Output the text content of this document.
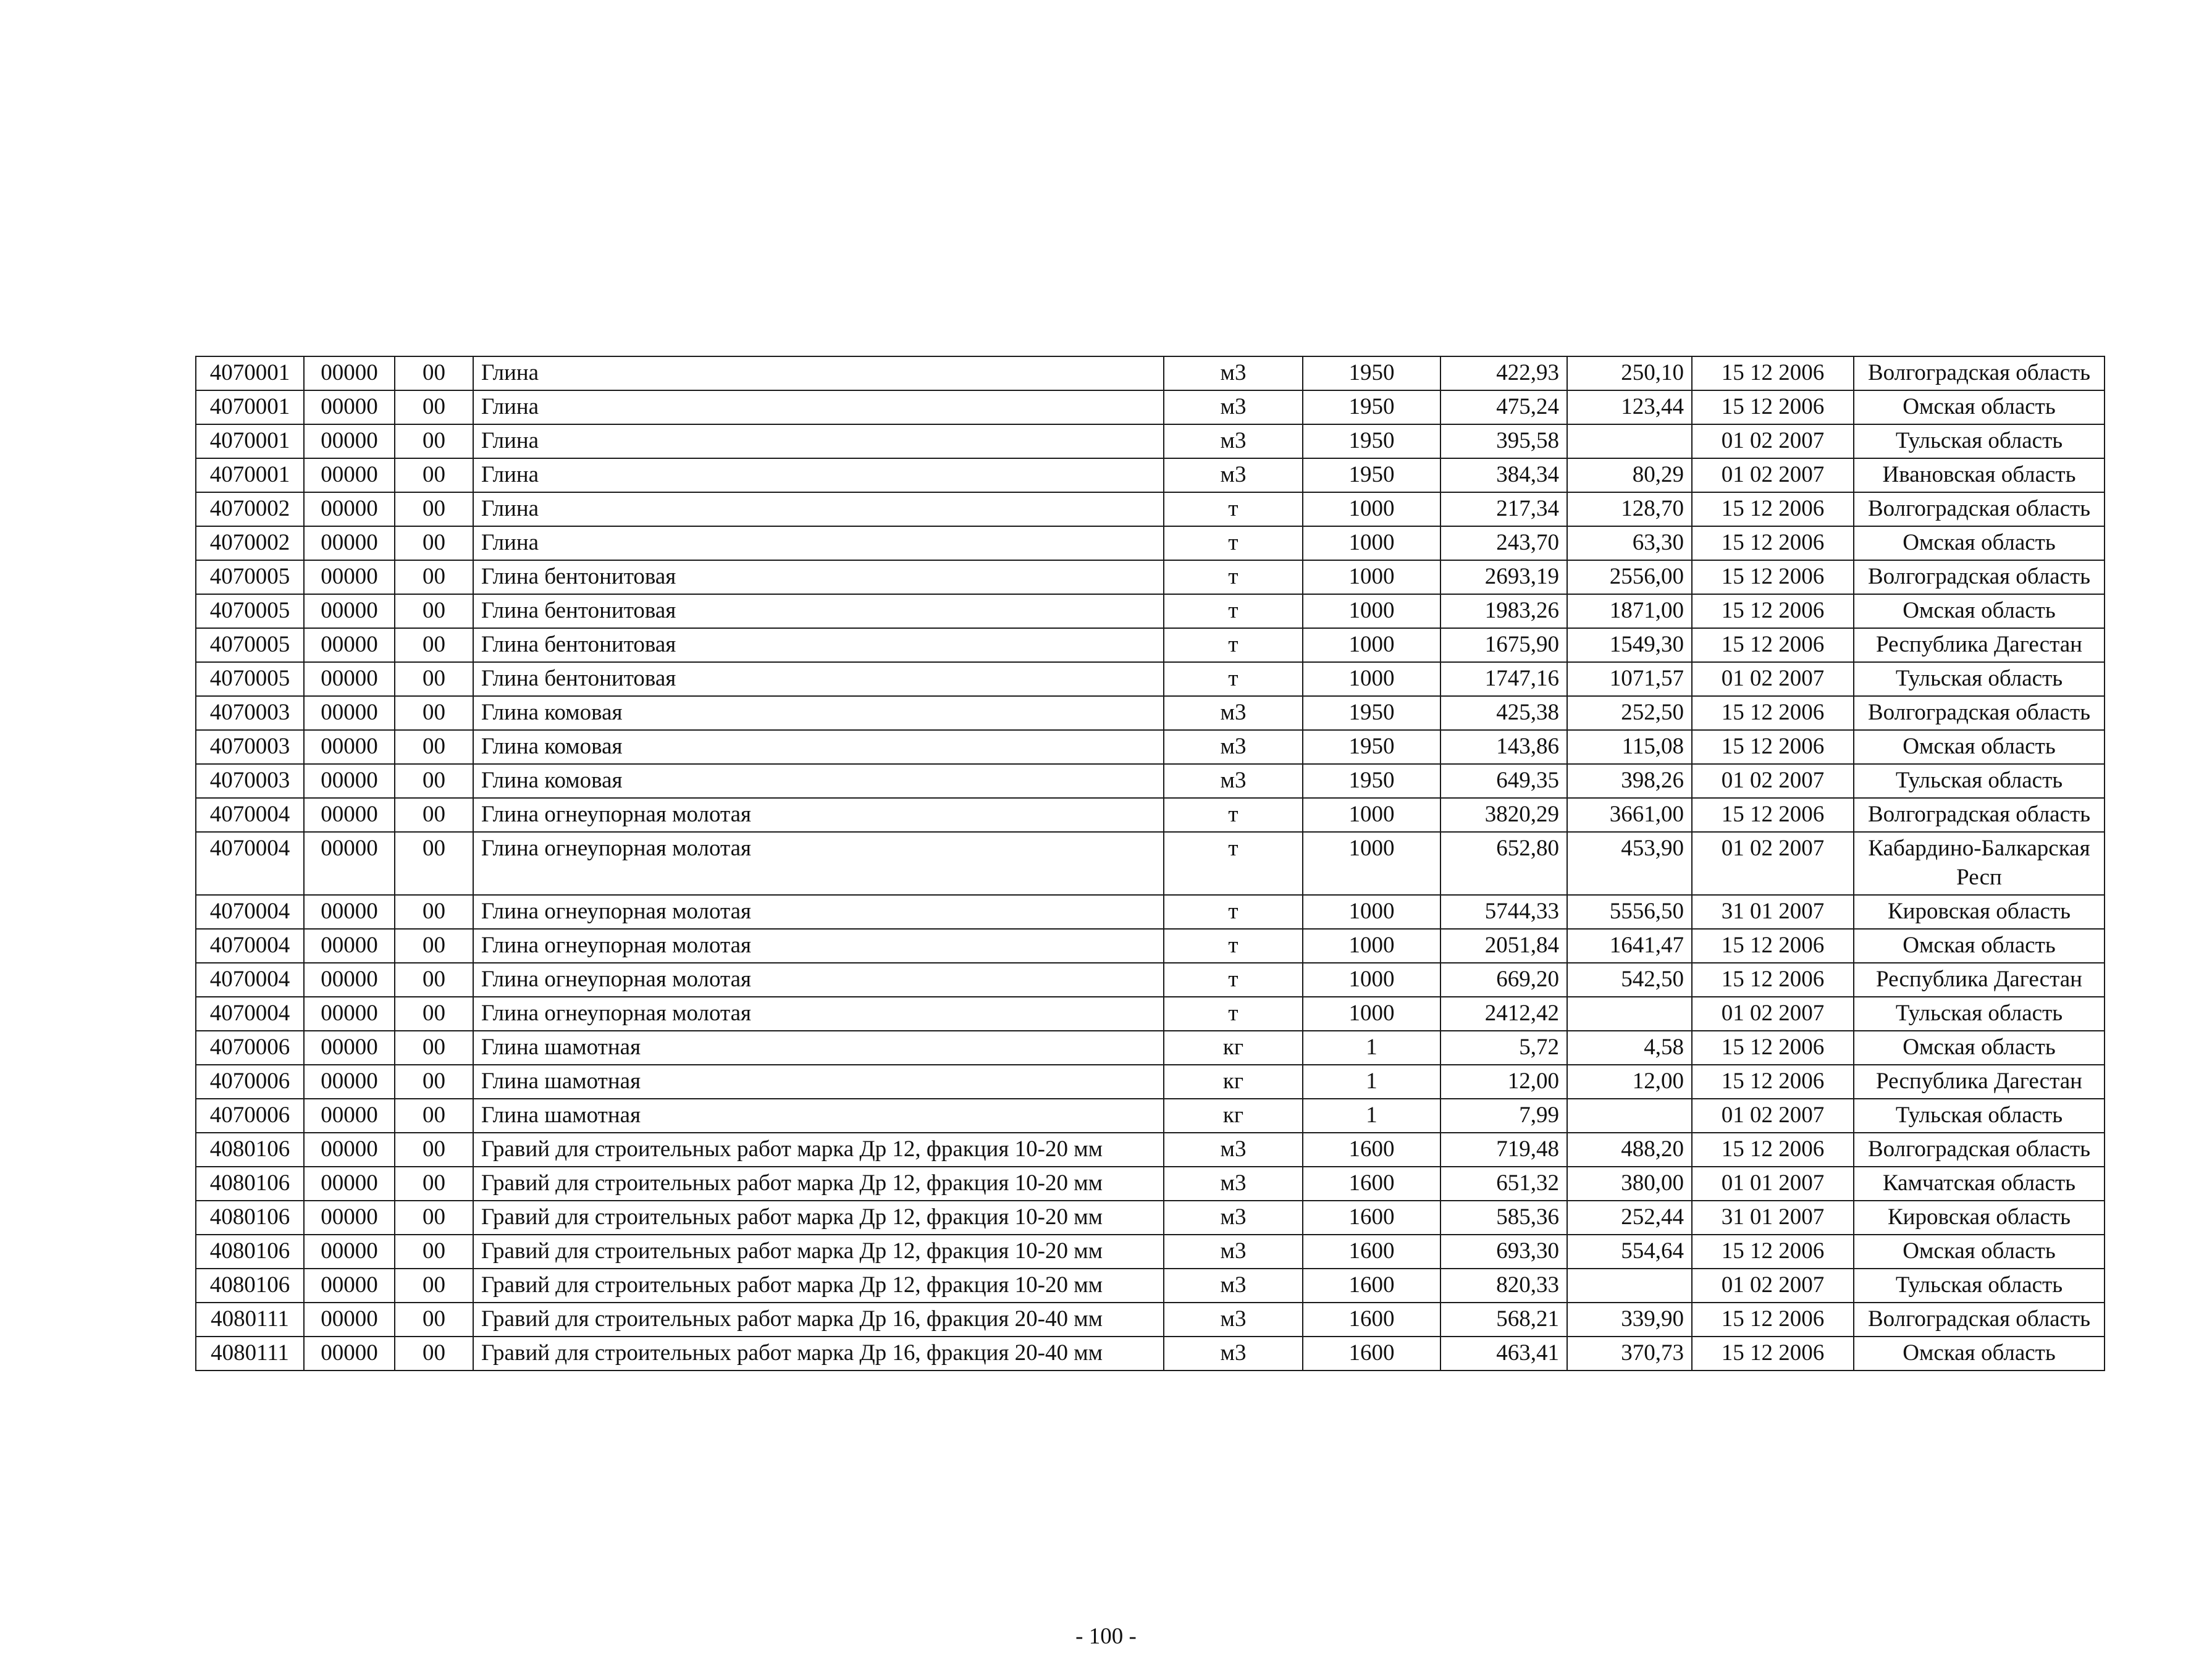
4070001	00000	00	Глина	м3	1950	422,93	250,10	15 12 2006	Волгоградская область
4070001	00000	00	Глина	м3	1950	475,24	123,44	15 12 2006	Омская область
4070001	00000	00	Глина	м3	1950	395,58		01 02 2007	Тульская область
4070001	00000	00	Глина	м3	1950	384,34	80,29	01 02 2007	Ивановская область
4070002	00000	00	Глина	т	1000	217,34	128,70	15 12 2006	Волгоградская область
4070002	00000	00	Глина	т	1000	243,70	63,30	15 12 2006	Омская область
4070005	00000	00	Глина бентонитовая	т	1000	2693,19	2556,00	15 12 2006	Волгоградская область
4070005	00000	00	Глина бентонитовая	т	1000	1983,26	1871,00	15 12 2006	Омская область
4070005	00000	00	Глина бентонитовая	т	1000	1675,90	1549,30	15 12 2006	Республика Дагестан
4070005	00000	00	Глина бентонитовая	т	1000	1747,16	1071,57	01 02 2007	Тульская область
4070003	00000	00	Глина комовая	м3	1950	425,38	252,50	15 12 2006	Волгоградская область
4070003	00000	00	Глина комовая	м3	1950	143,86	115,08	15 12 2006	Омская область
4070003	00000	00	Глина комовая	м3	1950	649,35	398,26	01 02 2007	Тульская область
4070004	00000	00	Глина огнеупорная молотая	т	1000	3820,29	3661,00	15 12 2006	Волгоградская область
4070004	00000	00	Глина огнеупорная молотая	т	1000	652,80	453,90	01 02 2007	Кабардино-Балкарская Респ
4070004	00000	00	Глина огнеупорная молотая	т	1000	5744,33	5556,50	31 01 2007	Кировская область
4070004	00000	00	Глина огнеупорная молотая	т	1000	2051,84	1641,47	15 12 2006	Омская область
4070004	00000	00	Глина огнеупорная молотая	т	1000	669,20	542,50	15 12 2006	Республика Дагестан
4070004	00000	00	Глина огнеупорная молотая	т	1000	2412,42		01 02 2007	Тульская область
4070006	00000	00	Глина шамотная	кг	1	5,72	4,58	15 12 2006	Омская область
4070006	00000	00	Глина шамотная	кг	1	12,00	12,00	15 12 2006	Республика Дагестан
4070006	00000	00	Глина шамотная	кг	1	7,99		01 02 2007	Тульская область
4080106	00000	00	Гравий для строительных работ марка Др 12, фракция 10-20 мм	м3	1600	719,48	488,20	15 12 2006	Волгоградская область
4080106	00000	00	Гравий для строительных работ марка Др 12, фракция 10-20 мм	м3	1600	651,32	380,00	01 01 2007	Камчатская область
4080106	00000	00	Гравий для строительных работ марка Др 12, фракция 10-20 мм	м3	1600	585,36	252,44	31 01 2007	Кировская область
4080106	00000	00	Гравий для строительных работ марка Др 12, фракция 10-20 мм	м3	1600	693,30	554,64	15 12 2006	Омская область
4080106	00000	00	Гравий для строительных работ марка Др 12, фракция 10-20 мм	м3	1600	820,33		01 02 2007	Тульская область
4080111	00000	00	Гравий для строительных работ марка Др 16, фракция 20-40 мм	м3	1600	568,21	339,90	15 12 2006	Волгоградская область
4080111	00000	00	Гравий для строительных работ марка Др 16, фракция 20-40 мм	м3	1600	463,41	370,73	15 12 2006	Омская область
- 100 -
